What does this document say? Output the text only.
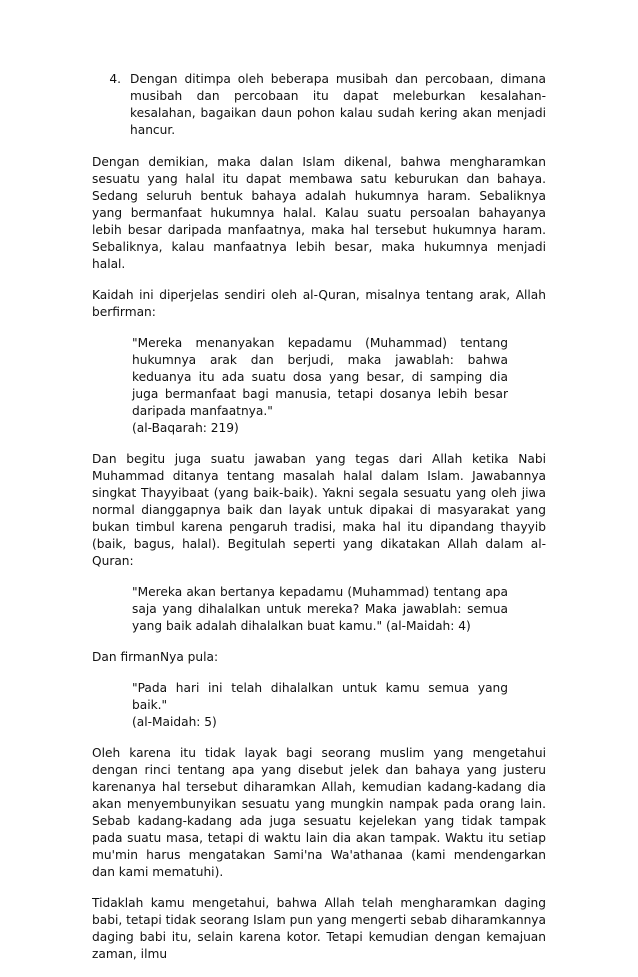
4. Dengan ditimpa oleh beberapa musibah dan percobaan, dimana musibah dan percobaan itu dapat meleburkan kesalahan-kesalahan, bagaikan daun pohon kalau sudah kering akan menjadi hancur.

Dengan demikian, maka dalan Islam dikenal, bahwa mengharamkan sesuatu yang halal itu dapat membawa satu keburukan dan bahaya. Sedang seluruh bentuk bahaya adalah hukumnya haram. Sebaliknya yang bermanfaat hukumnya halal. Kalau suatu persoalan bahayanya lebih besar daripada manfaatnya, maka hal tersebut hukumnya haram. Sebaliknya, kalau manfaatnya lebih besar, maka hukumnya menjadi halal.

Kaidah ini diperjelas sendiri oleh al-Quran, misalnya tentang arak, Allah berfirman:

"Mereka menanyakan kepadamu (Muhammad) tentang hukumnya arak dan berjudi, maka jawablah: bahwa keduanya itu ada suatu dosa yang besar, di samping dia juga bermanfaat bagi manusia, tetapi dosanya lebih besar daripada manfaatnya."
(al-Baqarah: 219)

Dan begitu juga suatu jawaban yang tegas dari Allah ketika Nabi Muhammad ditanya tentang masalah halal dalam Islam. Jawabannya singkat Thayyibaat (yang baik-baik). Yakni segala sesuatu yang oleh jiwa normal dianggapnya baik dan layak untuk dipakai di masyarakat yang bukan timbul karena pengaruh tradisi, maka hal itu dipandang thayyib (baik, bagus, halal). Begitulah seperti yang dikatakan Allah dalam al-Quran:

"Mereka akan bertanya kepadamu (Muhammad) tentang apa saja yang dihalalkan untuk mereka? Maka jawablah: semua yang baik adalah dihalalkan buat kamu." (al-Maidah: 4)

Dan firmanNya pula:

"Pada hari ini telah dihalalkan untuk kamu semua yang baik."
(al-Maidah: 5)

Oleh karena itu tidak layak bagi seorang muslim yang mengetahui dengan rinci tentang apa yang disebut jelek dan bahaya yang justeru karenanya hal tersebut diharamkan Allah, kemudian kadang-kadang dia akan menyembunyikan sesuatu yang mungkin nampak pada orang lain. Sebab kadang-kadang ada juga sesuatu kejelekan yang tidak tampak pada suatu masa, tetapi di waktu lain dia akan tampak. Waktu itu setiap mu'min harus mengatakan Sami'na Wa'athanaa (kami mendengarkan dan kami mematuhi).

Tidaklah kamu mengetahui, bahwa Allah telah mengharamkan daging babi, tetapi tidak seorang Islam pun yang mengerti sebab diharamkannya daging babi itu, selain karena kotor. Tetapi kemudian dengan kemajuan zaman, ilmu
